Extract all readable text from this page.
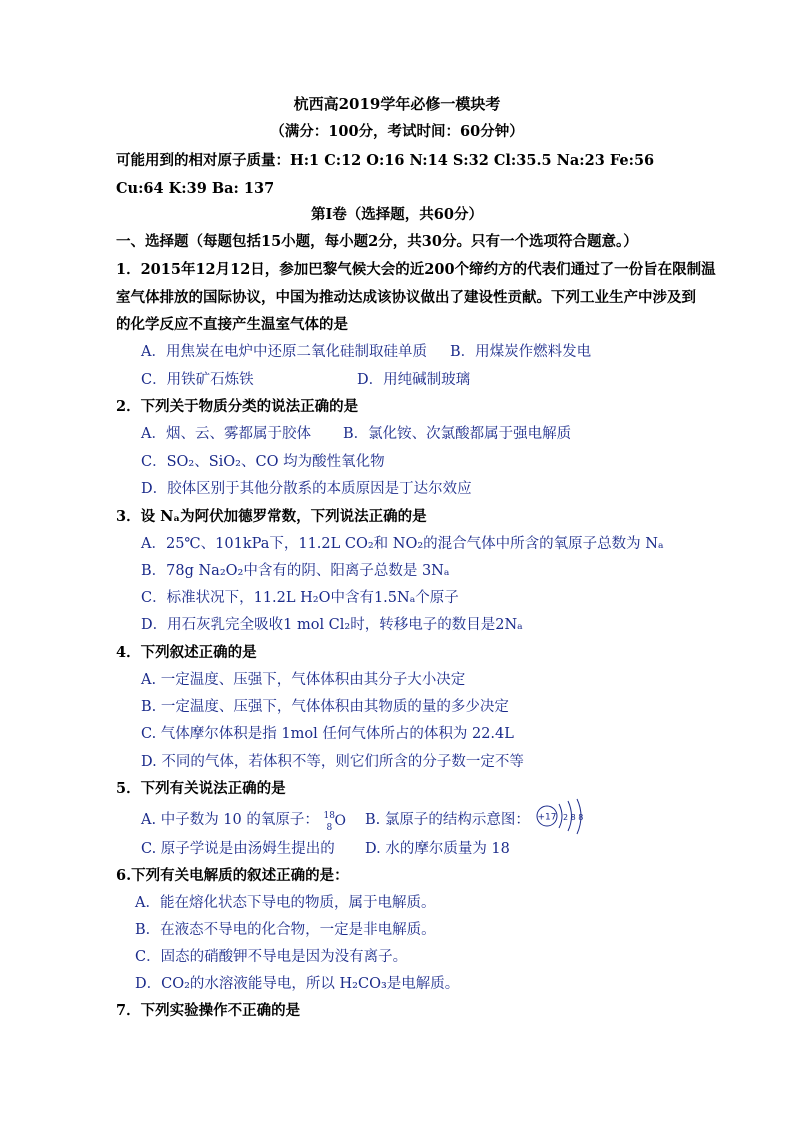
杭西高2019学年必修一模块考
（满分：100分，考试时间：60分钟）
可能用到的相对原子质量：H:1 C:12 O:16 N:14 S:32 Cl:35.5 Na:23 Fe:56
Cu:64 K:39 Ba: 137
第Ⅰ卷（选择题，共60分）
一、选择题（每题包括15小题，每小题2分，共30分。只有一个选项符合题意。）
1．2015年12月12日，参加巴黎气候大会的近200个缔约方的代表们通过了一份旨在限制温
室气体排放的国际协议，中国为推动达成该协议做出了建设性贡献。下列工业生产中涉及到
的化学反应不直接产生温室气体的是
A．用焦炭在电炉中还原二氧化硅制取硅单质	B．用煤炭作燃料发电
C．用铁矿石炼铁	D．用纯碱制玻璃
2．下列关于物质分类的说法正确的是
A．烟、云、雾都属于胶体	B．氯化铵、次氯酸都属于强电解质
C．SO₂、SiO₂、CO 均为酸性氧化物
D．胶体区别于其他分散系的本质原因是丁达尔效应
3．设 Nₐ为阿伏加德罗常数，下列说法正确的是
A．25℃、101kPa下，11.2L CO₂和 NO₂的混合气体中所含的氧原子总数为 Nₐ
B．78g Na₂O₂中含有的阴、阳离子总数是 3Nₐ
C．标准状况下，11.2L H₂O中含有1.5Nₐ个原子
D．用石灰乳完全吸收1 mol Cl₂时，转移电子的数目是2Nₐ
4．下列叙述正确的是
A. 一定温度、压强下，气体体积由其分子大小决定
B. 一定温度、压强下，气体体积由其物质的量的多少决定
C. 气体摩尔体积是指 1mol 任何气体所占的体积为 22.4L
D. 不同的气体，若体积不等，则它们所含的分子数一定不等
5．下列有关说法正确的是
A. 中子数为 10 的氧原子： 18
8 O B. 氯原子的结构示意图： +17 2 8 8
C. 原子学说是由汤姆生提出的	D. 水的摩尔质量为 18
6.下列有关电解质的叙述正确的是：
A．能在熔化状态下导电的物质，属于电解质。
B．在液态不导电的化合物，一定是非电解质。
C．固态的硝酸钾不导电是因为没有离子。
D．CO₂的水溶液能导电，所以 H₂CO₃是电解质。
7．下列实验操作不正确的是
